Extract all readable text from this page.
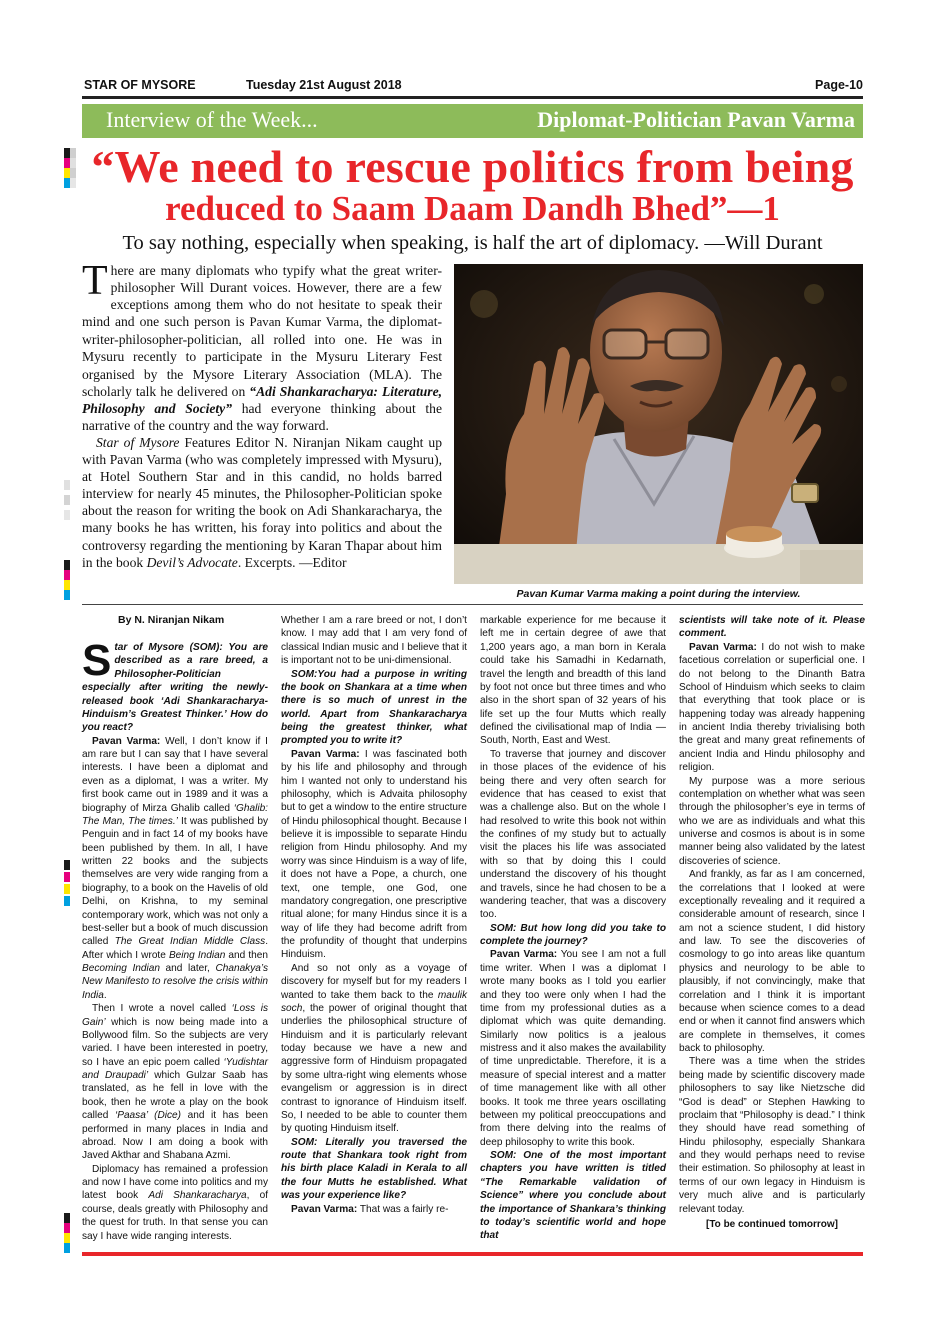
STAR OF MYSORE	Tuesday 21st August 2018	Page-10
Interview of the Week...	Diplomat-Politician Pavan Varma
“We need to rescue politics from being
reduced to Saam Daam Dandh Bhed”—1
To say nothing, especially when speaking, is half the art of diplomacy. —Will Durant

There are many diplomats who typify what the great writer-philosopher Will Durant voices. However, there are a few exceptions among them who do not hesitate to speak their mind and one such person is Pavan Kumar Varma, the diplomat-writer-philosopher-politician, all rolled into one. He was in Mysuru recently to participate in the Mysuru Literary Fest organised by the Mysore Literary Association (MLA). The scholarly talk he delivered on “Adi Shankaracharya: Literature, Philosophy and Society” had everyone thinking about the narrative of the country and the way forward.

Star of Mysore Features Editor N. Niranjan Nikam caught up with Pavan Varma (who was completely impressed with Mysuru), at Hotel Southern Star and in this candid, no holds barred interview for nearly 45 minutes, the Philosopher-Politician spoke about the reason for writing the book on Adi Shankaracharya, the many books he has written, his foray into politics and about the controversy regarding the mentioning by Karan Thapar about him in the book Devil’s Advocate. Excerpts. —Editor

Pavan Kumar Varma making a point during the interview.
By N. Niranjan Nikam

Star of Mysore (SOM): You are described as a rare breed, a Philosopher-Politician especially after writing the newly-released book ‘Adi Shankaracharya-Hinduism’s Greatest Thinker.’ How do you react?

Pavan Varma: Well, I don’t know if I am rare but I can say that I have several interests. I have been a diplomat and even as a diplomat, I was a writer. My first book came out in 1989 and it was a biography of Mirza Ghalib called ‘Ghalib: The Man, The times.’ It was published by Penguin and in fact 14 of my books have been published by them. In all, I have written 22 books and the subjects themselves are very wide ranging from a biography, to a book on the Havelis of old Delhi, on Krishna, to my seminal contemporary work, which was not only a best-seller but a book of much discussion called The Great Indian Middle Class. After which I wrote Being Indian and then Becoming Indian and later, Chanakya’s New Manifesto to resolve the crisis within India.

Then I wrote a novel called ‘Loss is Gain’ which is now being made into a Bollywood film. So the subjects are very varied. I have been interested in poetry, so I have an epic poem called ‘Yudishtar and Draupadi’ which Gulzar Saab has translated, as he fell in love with the book, then he wrote a play on the book called ‘Paasa’ (Dice) and it has been performed in many places in India and abroad. Now I am doing a book with Javed Akthar and Shabana Azmi.

Diplomacy has remained a profession and now I have come into politics and my latest book Adi Shankaracharya, of course, deals greatly with Philosophy and the quest for truth. In that sense you can say I have wide ranging interests.

Whether I am a rare breed or not, I don’t know. I may add that I am very fond of classical Indian music and I believe that it is important not to be uni-dimensional.

SOM:You had a purpose in writing the book on Shankara at a time when there is so much of unrest in the world. Apart from Shankaracharya being the greatest thinker, what prompted you to write it?

Pavan Varma: I was fascinated both by his life and philosophy and through him I wanted not only to understand his philosophy, which is Advaita philosophy but to get a window to the entire structure of Hindu philosophical thought. Because I believe it is impossible to separate Hindu religion from Hindu philosophy. And my worry was since Hinduism is a way of life, it does not have a Pope, a church, one text, one temple, one God, one mandatory congregation, one prescriptive ritual alone; for many Hindus since it is a way of life they had become adrift from the profundity of thought that underpins Hinduism.

And so not only as a voyage of discovery for myself but for my readers I wanted to take them back to the maulik soch, the power of original thought that underlies the philosophical structure of Hinduism and it is particularly relevant today because we have a new and aggressive form of Hinduism propagated by some ultra-right wing elements whose evangelism or aggression is in direct contrast to ignorance of Hinduism itself. So, I needed to be able to counter them by quoting Hinduism itself.

SOM: Literally you traversed the route that Shankara took right from his birth place Kaladi in Kerala to all the four Mutts he established. What was your experience like?

Pavan Varma: That was a fairly re-

markable experience for me because it left me in certain degree of awe that 1,200 years ago, a man born in Kerala could take his Samadhi in Kedarnath, travel the length and breadth of this land by foot not once but three times and who also in the short span of 32 years of his life set up the four Mutts which really defined the civilisational map of India — South, North, East and West.

To traverse that journey and discover in those places of the evidence of his being there and very often search for evidence that has ceased to exist that was a challenge also. But on the whole I had resolved to write this book not within the confines of my study but to actually visit the places his life was associated with so that by doing this I could understand the discovery of his thought and travels, since he had chosen to be a wandering teacher, that was a discovery too.

SOM: But how long did you take to complete the journey?

Pavan Varma: You see I am not a full time writer. When I was a diplomat I wrote many books as I told you earlier and they too were only when I had the time from my professional duties as a diplomat which was quite demanding. Similarly now politics is a jealous mistress and it also makes the availability of time unpredictable. Therefore, it is a measure of special interest and a matter of time management like with all other books. It took me three years oscillating between my political preoccupations and from there delving into the realms of deep philosophy to write this book.

SOM: One of the most important chapters you have written is titled “The Remarkable validation of Science” where you conclude about the importance of Shankara’s thinking to today’s scientific world and hope that

scientists will take note of it. Please comment.

Pavan Varma: I do not wish to make facetious correlation or superficial one. I do not belong to the Dinanth Batra School of Hinduism which seeks to claim that everything that took place or is happening today was already happening in ancient India thereby trivialising both the great and many great refinements of ancient India and Hindu philosophy and religion.

My purpose was a more serious contemplation on whether what was seen through the philosopher’s eye in terms of who we are as individuals and what this universe and cosmos is about is in some manner being also validated by the latest discoveries of science.

And frankly, as far as I am concerned, the correlations that I looked at were exceptionally revealing and it required a considerable amount of research, since I am not a science student, I did history and law. To see the discoveries of cosmology to go into areas like quantum physics and neurology to be able to plausibly, if not convincingly, make that correlation and I think it is important because when science comes to a dead end or when it cannot find answers which are complete in themselves, it comes back to philosophy.

There was a time when the strides being made by scientific discovery made philosophers to say like Nietzsche did “God is dead” or Stephen Hawking to proclaim that “Philosophy is dead.” I think they should have read something of Hindu philosophy, especially Shankara and they would perhaps need to revise their estimation. So philosophy at least in terms of our own legacy in Hinduism is very much alive and is particularly relevant today.

[To be continued tomorrow]
